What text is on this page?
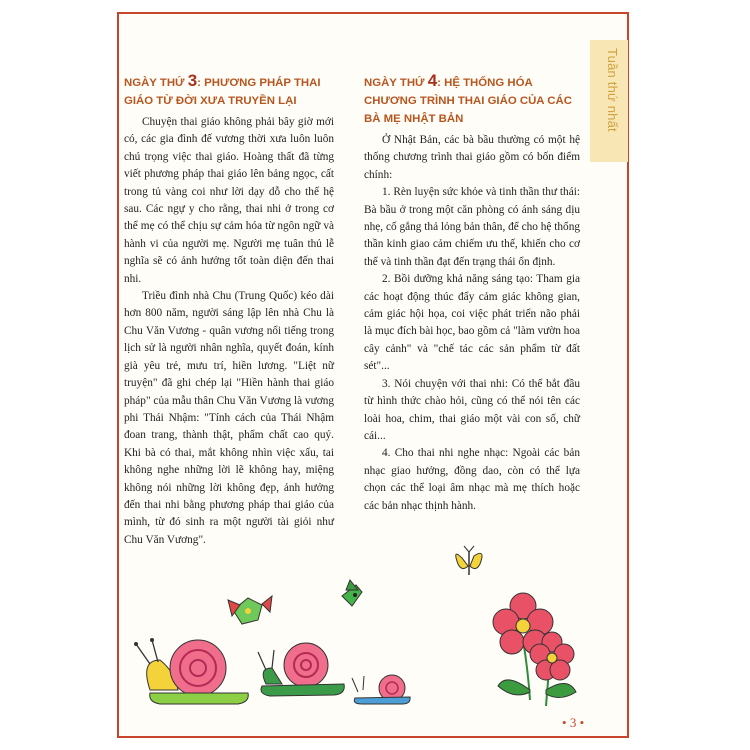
Tuần thứ nhất
NGÀY THỨ 3: PHƯƠNG PHÁP THAI GIÁO TỪ ĐỜI XƯA TRUYỀN LẠI

Chuyện thai giáo không phải bây giờ mới có, các gia đình đế vương thời xưa luôn luôn chú trọng việc thai giáo. Hoàng thất đã từng viết phương pháp thai giáo lên bảng ngọc, cất trong tủ vàng coi như lời dạy dỗ cho thế hệ sau. Các ngự y cho rằng, thai nhi ở trong cơ thể mẹ có thể chịu sự cảm hóa từ ngôn ngữ và hành vi của người mẹ. Người mẹ tuân thủ lễ nghĩa sẽ có ảnh hưởng tốt toàn diện đến thai nhi.

Triều đình nhà Chu (Trung Quốc) kéo dài hơn 800 năm, người sáng lập lên nhà Chu là Chu Văn Vương - quân vương nổi tiếng trong lịch sử là người nhân nghĩa, quyết đoán, kính già yêu trẻ, mưu trí, hiền lương. "Liệt nữ truyện" đã ghi chép lại "Hiền hành thai giáo pháp" của mẫu thân Chu Văn Vương là vương phi Thái Nhậm: "Tính cách của Thái Nhậm đoan trang, thành thật, phẩm chất cao quý. Khi bà có thai, mắt không nhìn việc xấu, tai không nghe những lời lẽ không hay, miệng không nói những lời không đẹp, ảnh hưởng đến thai nhi bằng phương pháp thai giáo của mình, từ đó sinh ra một người tài giỏi như Chu Văn Vương".

NGÀY THỨ 4: HỆ THỐNG HÓA CHƯƠNG TRÌNH THAI GIÁO CỦA CÁC BÀ MẸ NHẬT BẢN

Ở Nhật Bản, các bà bầu thường có một hệ thống chương trình thai giáo gồm có bốn điểm chính:

1. Rèn luyện sức khỏe và tinh thần thư thái: Bà bầu ở trong một căn phòng có ánh sáng dịu nhẹ, cố gắng thả lỏng bản thân, để cho hệ thống thần kinh giao cảm chiếm ưu thế, khiến cho cơ thể và tinh thần đạt đến trạng thái ổn định.

2. Bồi dưỡng khả năng sáng tạo: Tham gia các hoạt động thúc đẩy cảm giác không gian, cảm giác hội họa, coi việc phát triển não phải là mục đích bài học, bao gồm cả "làm vườn hoa cây cảnh" và "chế tác các sản phẩm từ đất sét"...

3. Nói chuyện với thai nhi: Có thể bắt đầu từ hình thức chào hỏi, cũng có thể nói tên các loài hoa, chim, thai giáo một vài con số, chữ cái...

4. Cho thai nhi nghe nhạc: Ngoài các bản nhạc giao hưởng, đồng dao, còn có thể lựa chọn các thể loại âm nhạc mà mẹ thích hoặc các bản nhạc thịnh hành.

• 3 •
